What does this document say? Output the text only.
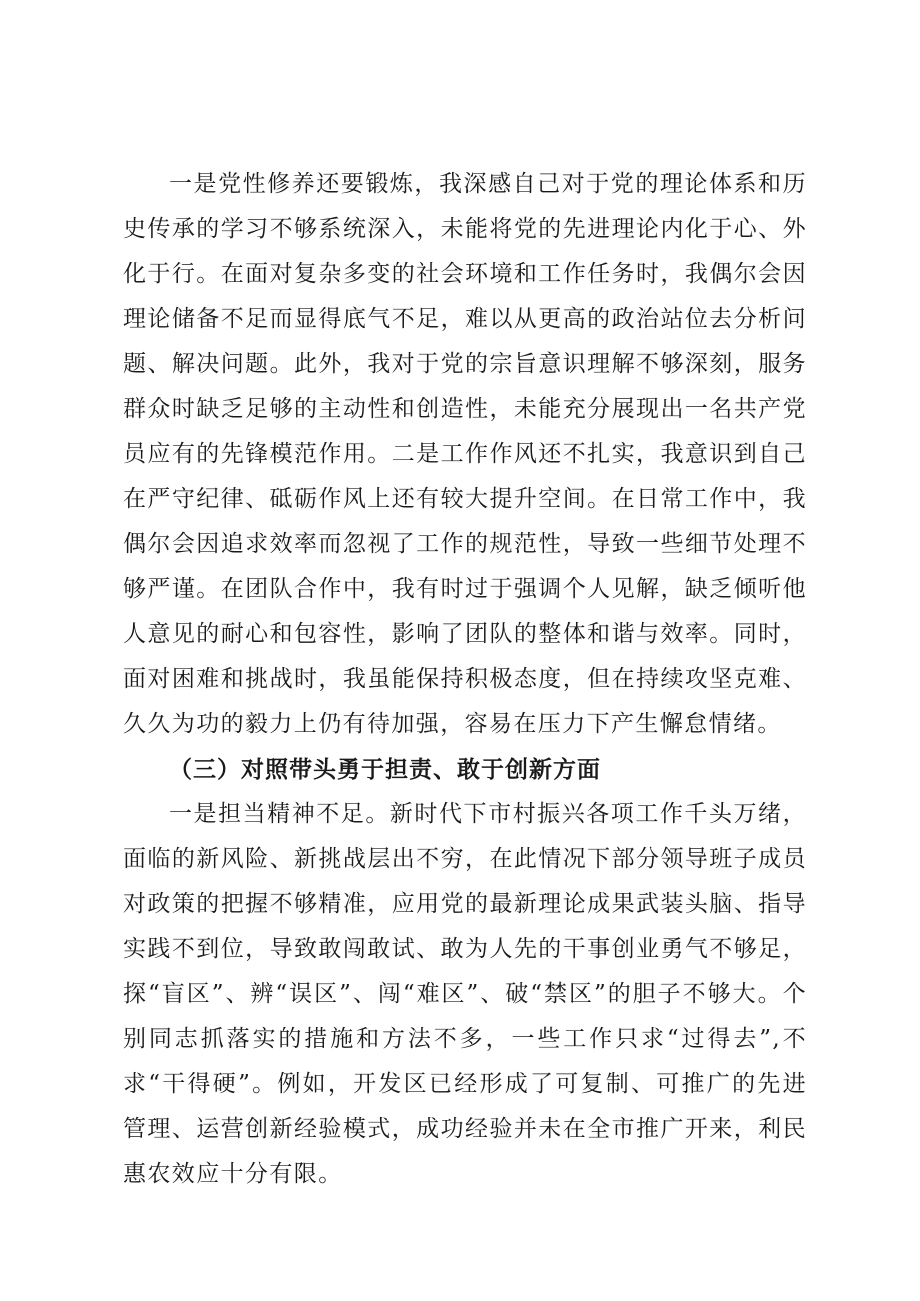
一是党性修养还要锻炼，我深感自己对于党的理论体系和历史传承的学习不够系统深入，未能将党的先进理论内化于心、外化于行。在面对复杂多变的社会环境和工作任务时，我偶尔会因理论储备不足而显得底气不足，难以从更高的政治站位去分析问题、解决问题。此外，我对于党的宗旨意识理解不够深刻，服务群众时缺乏足够的主动性和创造性，未能充分展现出一名共产党员应有的先锋模范作用。二是工作作风还不扎实，我意识到自己在严守纪律、砥砺作风上还有较大提升空间。在日常工作中，我偶尔会因追求效率而忽视了工作的规范性，导致一些细节处理不够严谨。在团队合作中，我有时过于强调个人见解，缺乏倾听他人意见的耐心和包容性，影响了团队的整体和谐与效率。同时，面对困难和挑战时，我虽能保持积极态度，但在持续攻坚克难、久久为功的毅力上仍有待加强，容易在压力下产生懈怠情绪。

（三）对照带头勇于担责、敢于创新方面

一是担当精神不足。新时代下市村振兴各项工作千头万绪，面临的新风险、新挑战层出不穷，在此情况下部分领导班子成员对政策的把握不够精准，应用党的最新理论成果武装头脑、指导实践不到位，导致敢闯敢试、敢为人先的干事创业勇气不够足，探“盲区”、辨“误区”、闯“难区”、破“禁区”的胆子不够大。个别同志抓落实的措施和方法不多，一些工作只求“过得去”,不求“干得硬”。例如，开发区已经形成了可复制、可推广的先进管理、运营创新经验模式，成功经验并未在全市推广开来，利民惠农效应十分有限。
